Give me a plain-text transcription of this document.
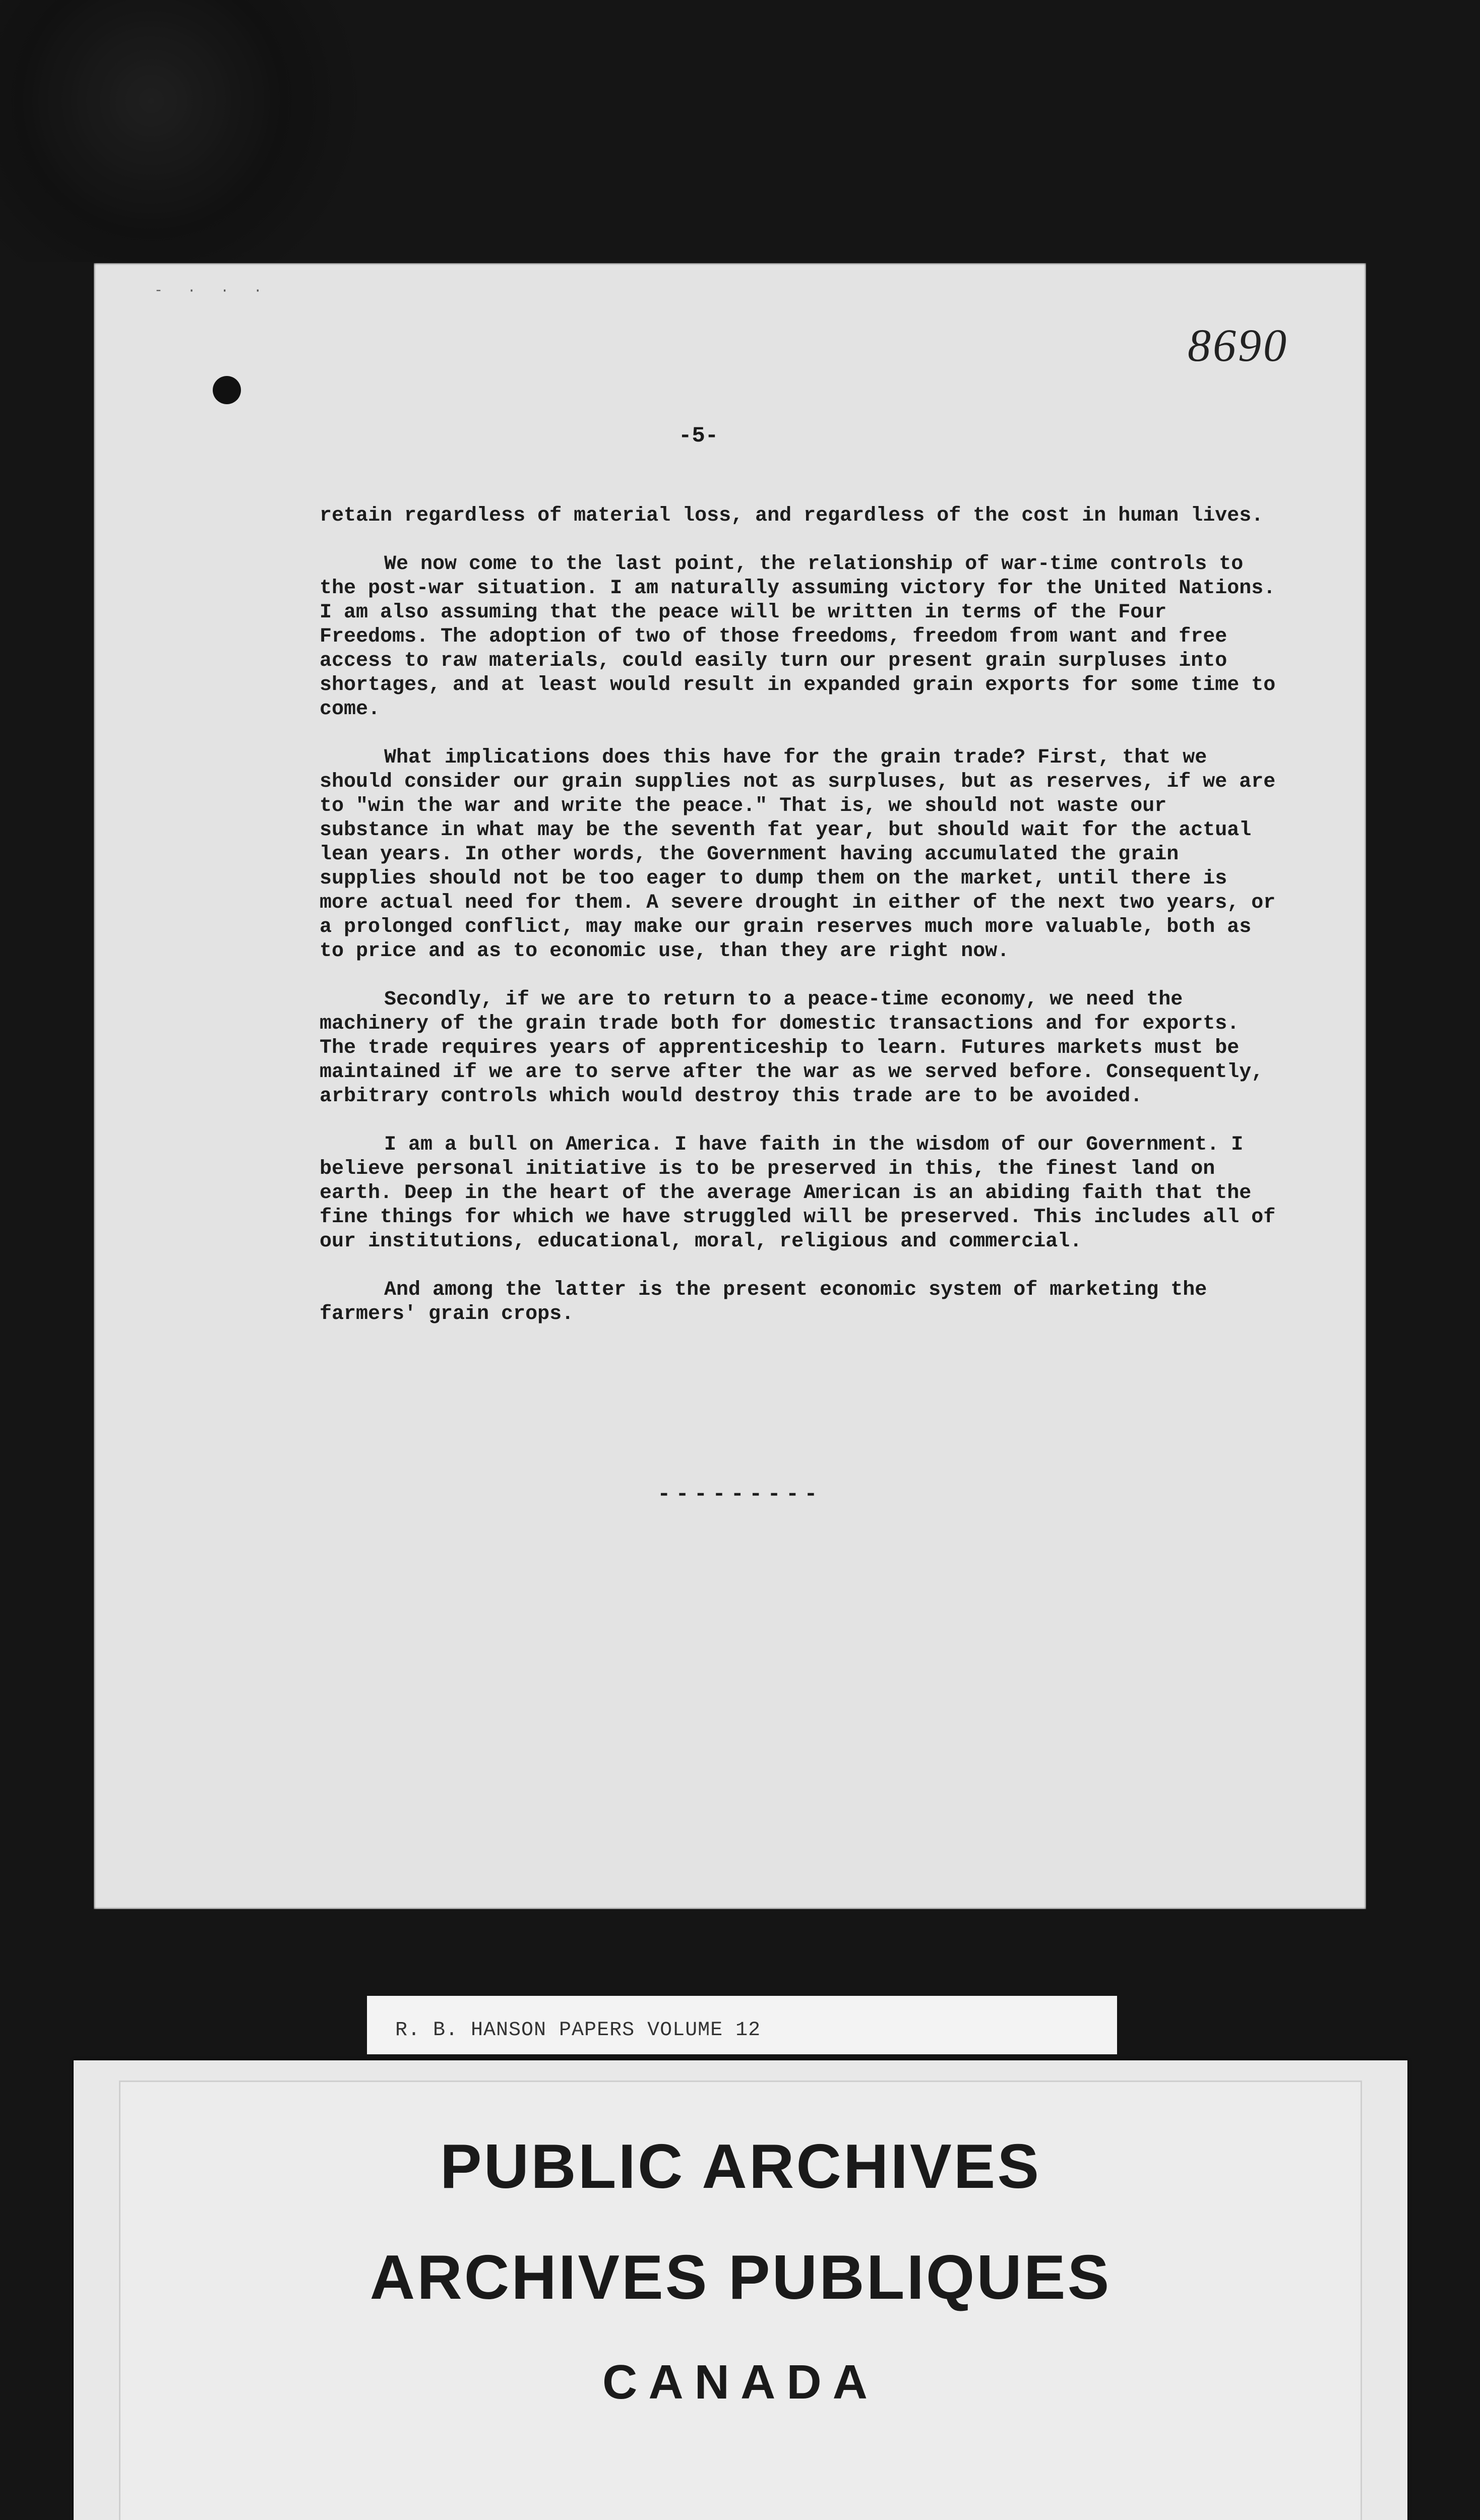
- · · ·
8690
-5-

retain regardless of material loss, and regardless of the cost in human lives.

We now come to the last point, the relationship of war-time controls to the post-war situation. I am naturally assuming victory for the United Nations. I am also assuming that the peace will be written in terms of the Four Freedoms. The adoption of two of those freedoms, freedom from want and free access to raw materials, could easily turn our present grain surpluses into shortages, and at least would result in expanded grain exports for some time to come.

What implications does this have for the grain trade? First, that we should consider our grain supplies not as surpluses, but as reserves, if we are to "win the war and write the peace." That is, we should not waste our substance in what may be the seventh fat year, but should wait for the actual lean years. In other words, the Government having accumulated the grain supplies should not be too eager to dump them on the market, until there is more actual need for them. A severe drought in either of the next two years, or a prolonged conflict, may make our grain reserves much more valuable, both as to price and as to economic use, than they are right now.

Secondly, if we are to return to a peace-time economy, we need the machinery of the grain trade both for domestic transactions and for exports. The trade requires years of apprenticeship to learn. Futures markets must be maintained if we are to serve after the war as we served before. Consequently, arbitrary controls which would destroy this trade are to be avoided.

I am a bull on America. I have faith in the wisdom of our Government. I believe personal initiative is to be preserved in this, the finest land on earth. Deep in the heart of the average American is an abiding faith that the fine things for which we have struggled will be preserved. This includes all of our institutions, educational, moral, religious and commercial.

And among the latter is the present economic system of marketing the farmers' grain crops.

---------
R. B. HANSON PAPERS VOLUME 12
PUBLIC ARCHIVES
ARCHIVES PUBLIQUES
CANADA
